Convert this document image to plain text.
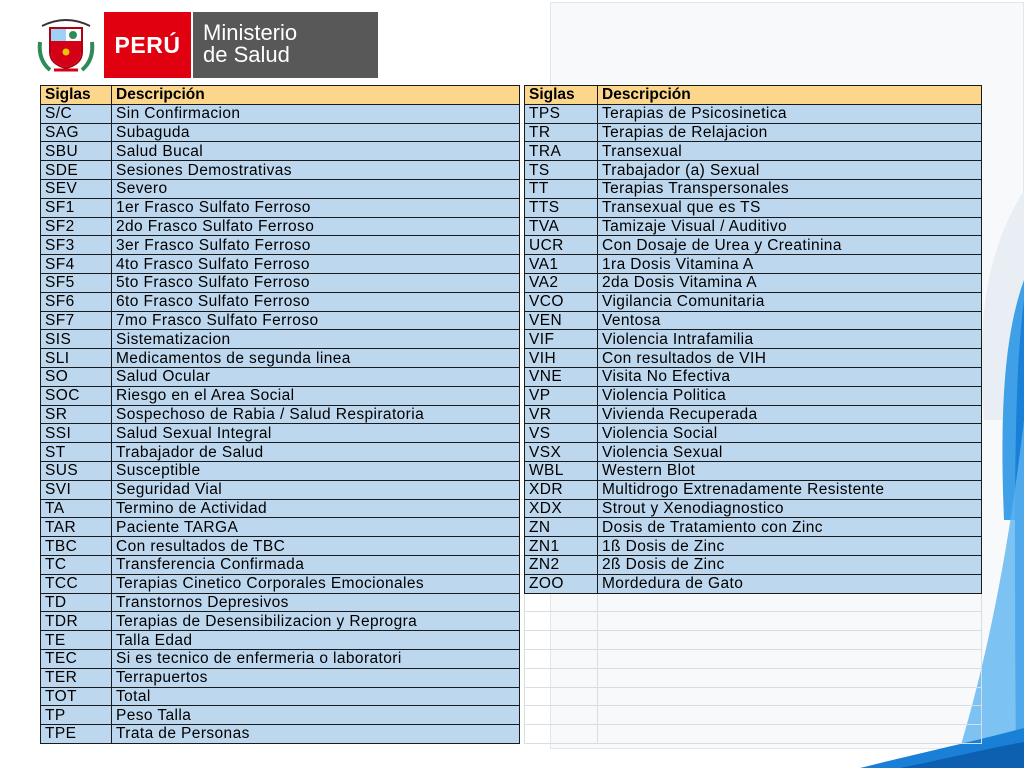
PERÚ	Ministerio
de Salud
Siglas	Descripción
S/C	Sin Confirmacion
SAG	Subaguda
SBU	Salud Bucal
SDE	Sesiones Demostrativas
SEV	Severo
SF1	1er Frasco Sulfato Ferroso
SF2	2do Frasco Sulfato Ferroso
SF3	3er Frasco Sulfato Ferroso
SF4	4to Frasco Sulfato Ferroso
SF5	5to Frasco Sulfato Ferroso
SF6	6to Frasco Sulfato Ferroso
SF7	7mo Frasco Sulfato Ferroso
SIS	Sistematizacion
SLI	Medicamentos de segunda linea
SO	Salud Ocular
SOC	Riesgo en el Area Social
SR	Sospechoso de Rabia / Salud Respiratoria
SSI	Salud Sexual Integral
ST	Trabajador de Salud
SUS	Susceptible
SVI	Seguridad Vial
TA	Termino de Actividad
TAR	Paciente TARGA
TBC	Con resultados de TBC
TC	Transferencia Confirmada
TCC	Terapias Cinetico Corporales Emocionales
TD	Transtornos Depresivos
TDR	Terapias de Desensibilizacion y Reprogra
TE	Talla Edad
TEC	Si es tecnico de enfermeria o laboratori
TER	Terrapuertos
TOT	Total
TP	Peso Talla
TPE	Trata de Personas
Siglas	Descripción
TPS	Terapias de Psicosinetica
TR	Terapias de Relajacion
TRA	Transexual
TS	Trabajador (a) Sexual
TT	Terapias Transpersonales
TTS	Transexual que es TS
TVA	Tamizaje Visual / Auditivo
UCR	Con Dosaje de Urea y Creatinina
VA1	1ra Dosis Vitamina A
VA2	2da Dosis Vitamina A
VCO	Vigilancia Comunitaria
VEN	Ventosa
VIF	Violencia Intrafamilia
VIH	Con resultados de VIH
VNE	Visita No Efectiva
VP	Violencia Politica
VR	Vivienda Recuperada
VS	Violencia Social
VSX	Violencia Sexual
WBL	Western Blot
XDR	Multidrogo Extrenadamente Resistente
XDX	Strout y Xenodiagnostico
ZN	Dosis de Tratamiento con Zinc
ZN1	1ß Dosis de Zinc
ZN2	2ß Dosis de Zinc
ZOO	Mordedura de Gato
